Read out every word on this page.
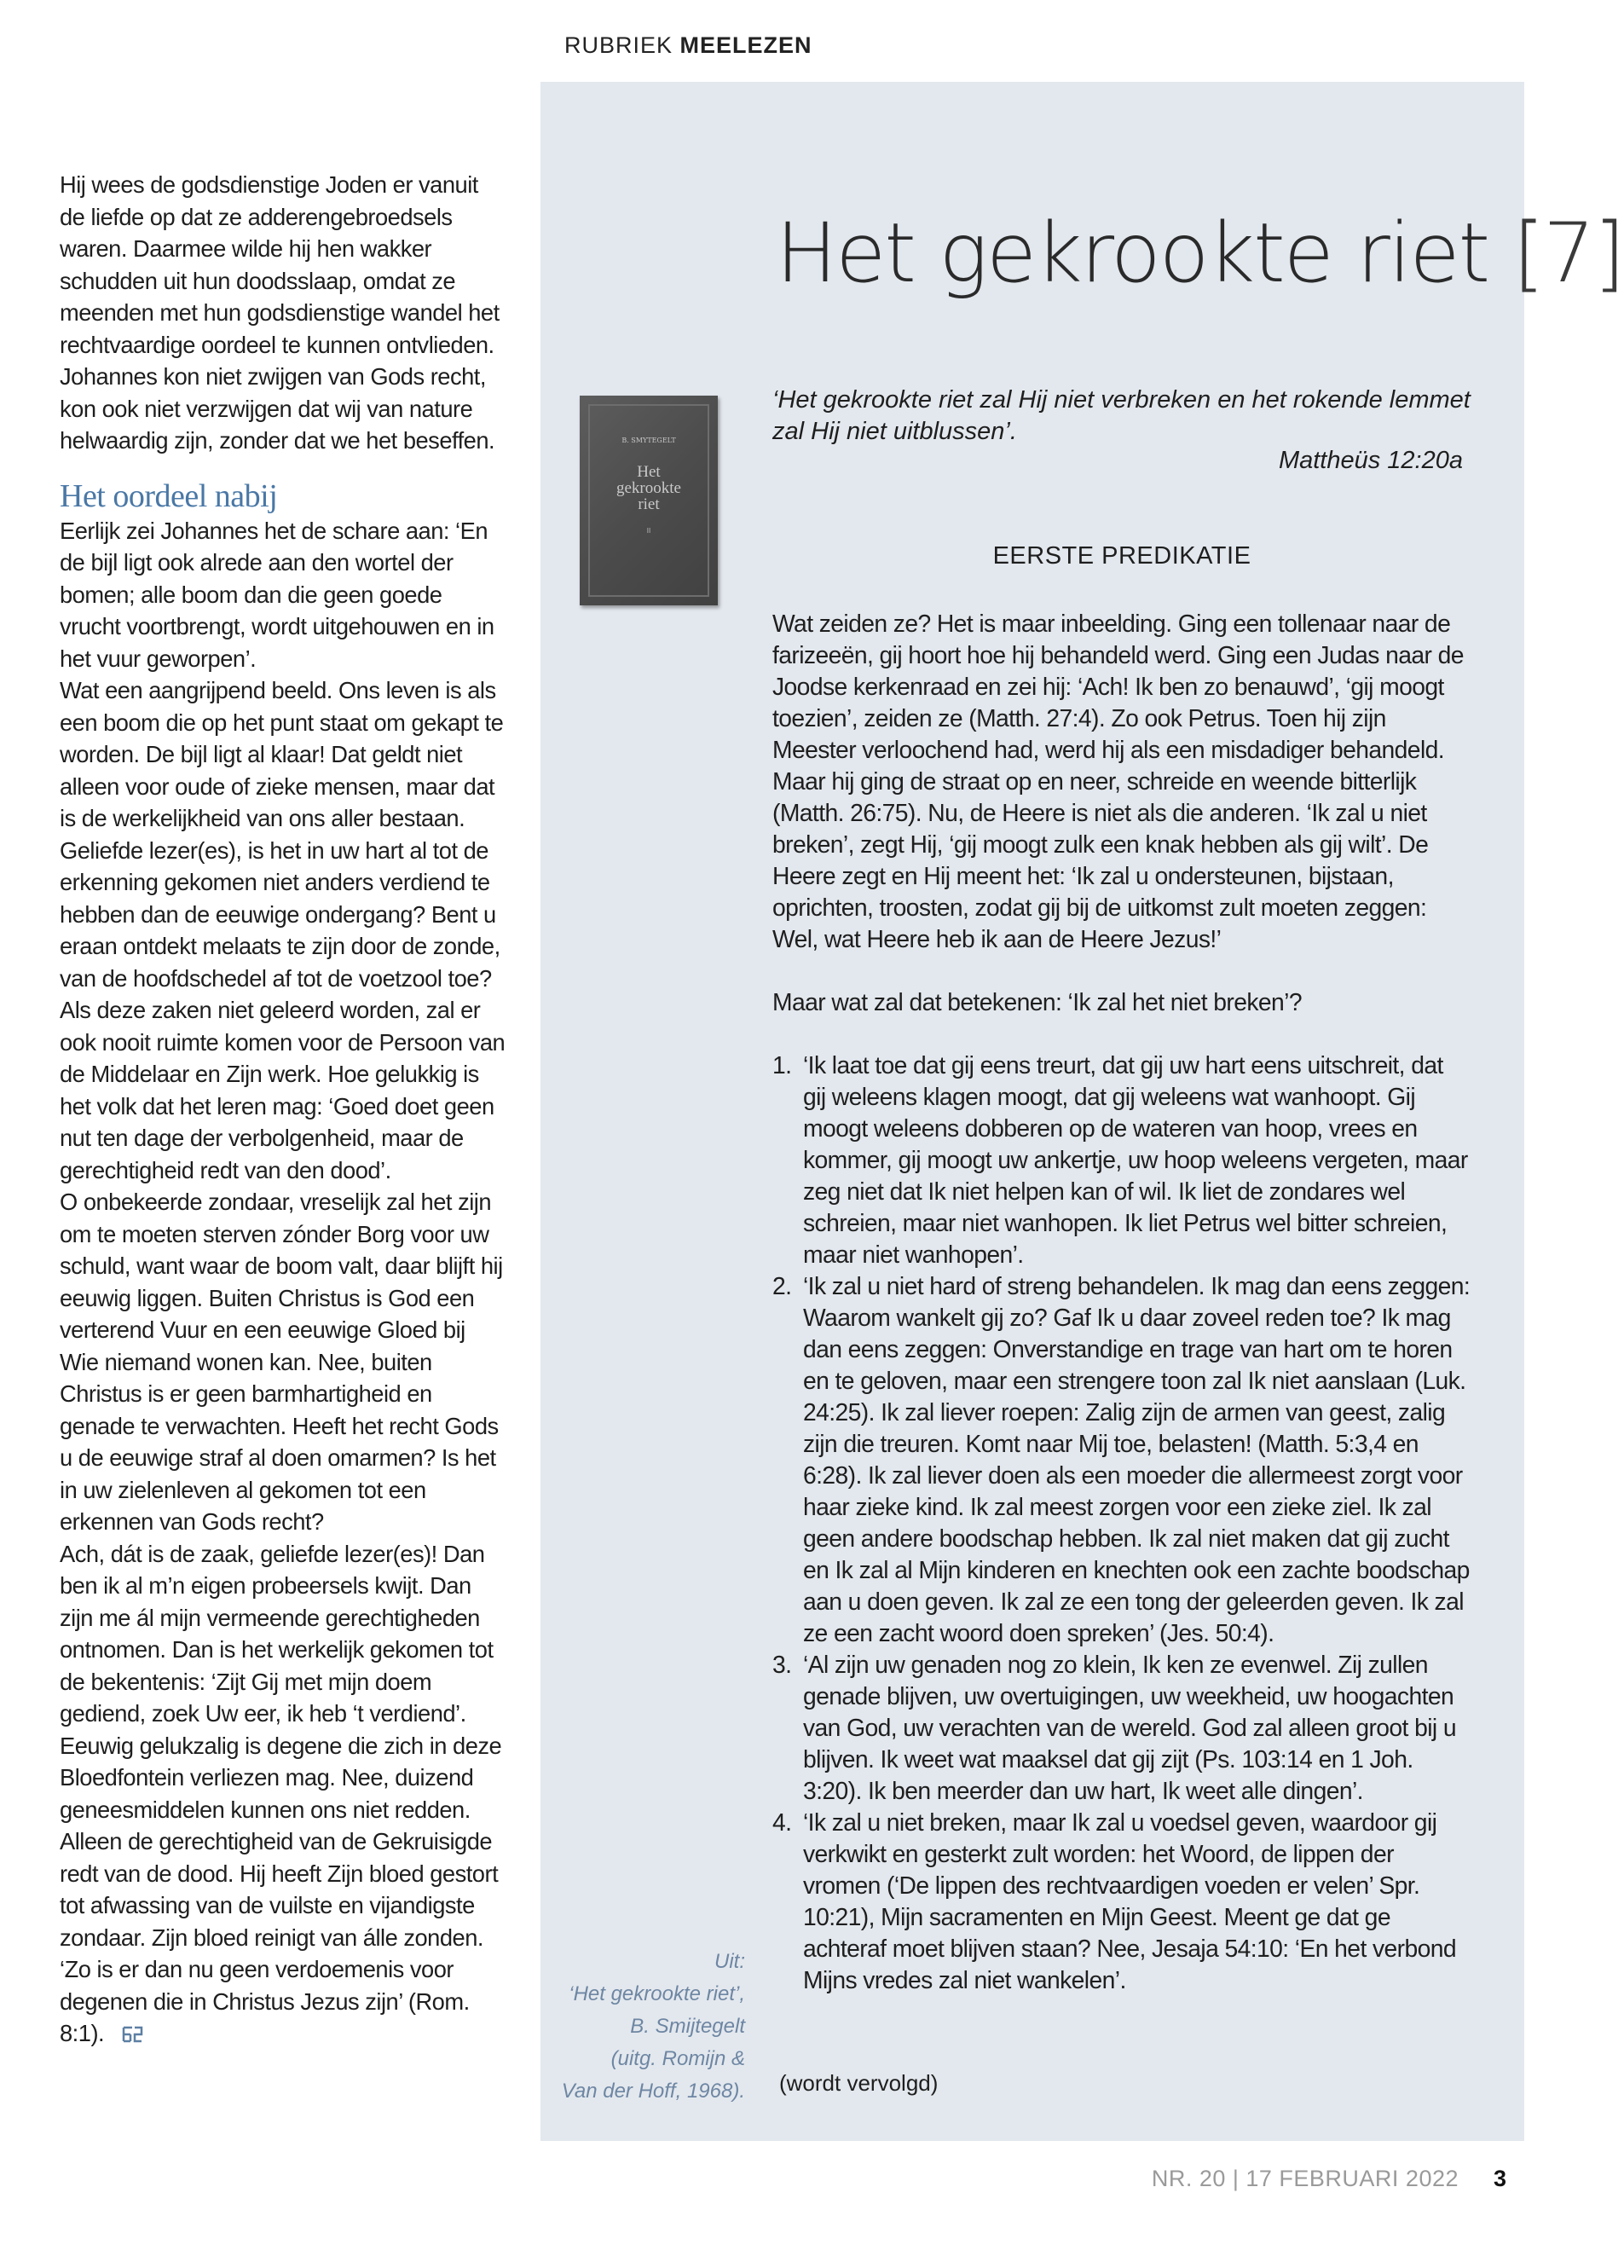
Hij wees de godsdienstige Joden er vanuit de liefde op dat ze adderengebroedsels waren. Daarmee wilde hij hen wakker schudden uit hun doodsslaap, omdat ze meenden met hun godsdienstige wandel het rechtvaardige oordeel te kunnen ontvlieden. Johannes kon niet zwijgen van Gods recht, kon ook niet verzwijgen dat wij van nature helwaardig zijn, zonder dat we het beseffen.

Het oordeel nabij

Eerlijk zei Johannes het de schare aan: ‘En de bijl ligt ook alrede aan den wortel der bomen; alle boom dan die geen goede vrucht voortbrengt, wordt uitgehouwen en in het vuur geworpen’.

Wat een aangrijpend beeld. Ons leven is als een boom die op het punt staat om gekapt te worden. De bijl ligt al klaar! Dat geldt niet alleen voor oude of zieke mensen, maar dat is de werkelijkheid van ons aller bestaan.

Geliefde lezer(es), is het in uw hart al tot de erkenning gekomen niet anders verdiend te hebben dan de eeuwige ondergang? Bent u eraan ontdekt melaats te zijn door de zonde, van de hoofdschedel af tot de voetzool toe? Als deze zaken niet geleerd worden, zal er ook nooit ruimte komen voor de Persoon van de Middelaar en Zijn werk. Hoe gelukkig is het volk dat het leren mag: ‘Goed doet geen nut ten dage der verbolgenheid, maar de gerechtigheid redt van den dood’.

O onbekeerde zondaar, vreselijk zal het zijn om te moeten sterven zónder Borg voor uw schuld, want waar de boom valt, daar blijft hij eeuwig liggen. Buiten Christus is God een verterend Vuur en een eeuwige Gloed bij Wie niemand wonen kan. Nee, buiten Christus is er geen barmhartigheid en genade te verwachten. Heeft het recht Gods u de eeuwige straf al doen omarmen? Is het in uw zielenleven al gekomen tot een erkennen van Gods recht?

Ach, dát is de zaak, geliefde lezer(es)! Dan ben ik al m’n eigen probeersels kwijt. Dan zijn me ál mijn vermeende gerechtigheden ontnomen. Dan is het werkelijk gekomen tot de bekentenis: ‘Zijt Gij met mijn doem gediend, zoek Uw eer, ik heb ‘t verdiend’. Eeuwig gelukzalig is degene die zich in deze Bloedfontein verliezen mag. Nee, duizend geneesmiddelen kunnen ons niet redden. Alleen de gerechtigheid van de Gekruisigde redt van de dood. Hij heeft Zijn bloed gestort tot afwassing van de vuilste en vijandigste zondaar. Zijn bloed reinigt van álle zonden. ‘Zo is er dan nu geen verdoemenis voor degenen die in Christus Jezus zijn’ (Rom. 8:1).

RUBRIEK MEELEZEN
Het gekrookte riet [7]
B. SMYTEGELT
Het
gekrookte
riet
II
‘Het gekrookte riet zal Hij niet verbreken en het rokende lemmet zal Hij niet uitblussen’.
Mattheüs 12:20a
EERSTE PREDIKATIE

Wat zeiden ze? Het is maar inbeelding. Ging een tollenaar naar de farizeeën, gij hoort hoe hij behandeld werd. Ging een Judas naar de Joodse kerkenraad en zei hij: ‘Ach! Ik ben zo benauwd’, ‘gij moogt toezien’, zeiden ze (Matth. 27:4). Zo ook Petrus. Toen hij zijn Meester verloochend had, werd hij als een misdadiger behandeld. Maar hij ging de straat op en neer, schreide en weende bitterlijk (Matth. 26:75). Nu, de Heere is niet als die anderen. ‘Ik zal u niet breken’, zegt Hij, ‘gij moogt zulk een knak hebben als gij wilt’. De Heere zegt en Hij meent het: ‘Ik zal u ondersteunen, bijstaan, oprichten, troosten, zodat gij bij de uitkomst zult moeten zeggen: Wel, wat Heere heb ik aan de Heere Jezus!’

Maar wat zal dat betekenen: ‘Ik zal het niet breken’?

1. ‘Ik laat toe dat gij eens treurt, dat gij uw hart eens uitschreit, dat gij weleens klagen moogt, dat gij weleens wat wanhoopt. Gij moogt weleens dobberen op de wateren van hoop, vrees en kommer, gij moogt uw ankertje, uw hoop weleens vergeten, maar zeg niet dat Ik niet helpen kan of wil. Ik liet de zondares wel schreien, maar niet wanhopen. Ik liet Petrus wel bitter schreien, maar niet wanhopen’.
2. ‘Ik zal u niet hard of streng behandelen. Ik mag dan eens zeggen: Waarom wankelt gij zo? Gaf Ik u daar zoveel reden toe? Ik mag dan eens zeggen: Onverstandige en trage van hart om te horen en te geloven, maar een strengere toon zal Ik niet aanslaan (Luk. 24:25). Ik zal liever roepen: Zalig zijn de armen van geest, zalig zijn die treuren. Komt naar Mij toe, belasten! (Matth. 5:3,4 en 6:28). Ik zal liever doen als een moeder die allermeest zorgt voor haar zieke kind. Ik zal meest zorgen voor een zieke ziel. Ik zal geen andere boodschap hebben. Ik zal niet maken dat gij zucht en Ik zal al Mijn kinderen en knechten ook een zachte boodschap aan u doen geven. Ik zal ze een tong der geleerden geven. Ik zal ze een zacht woord doen spreken’ (Jes. 50:4).
3. ‘Al zijn uw genaden nog zo klein, Ik ken ze evenwel. Zij zullen genade blijven, uw overtuigingen, uw weekheid, uw hoogachten van God, uw verachten van de wereld. God zal alleen groot bij u blijven. Ik weet wat maaksel dat gij zijt (Ps. 103:14 en 1 Joh. 3:20). Ik ben meerder dan uw hart, Ik weet alle dingen’.
4. ‘Ik zal u niet breken, maar Ik zal u voedsel geven, waardoor gij verkwikt en gesterkt zult worden: het Woord, de lippen der vromen (‘De lippen des rechtvaardigen voeden er velen’ Spr. 10:21), Mijn sacramenten en Mijn Geest. Meent ge dat ge achteraf moet blijven staan? Nee, Jesaja 54:10: ‘En het verbond Mijns vredes zal niet wankelen’.
(wordt vervolgd)
Uit:
‘Het gekrookte riet’,
B. Smijtegelt
(uitg. Romijn &
Van der Hoff, 1968).
NR. 20 | 17 FEBRUARI 2022 3
